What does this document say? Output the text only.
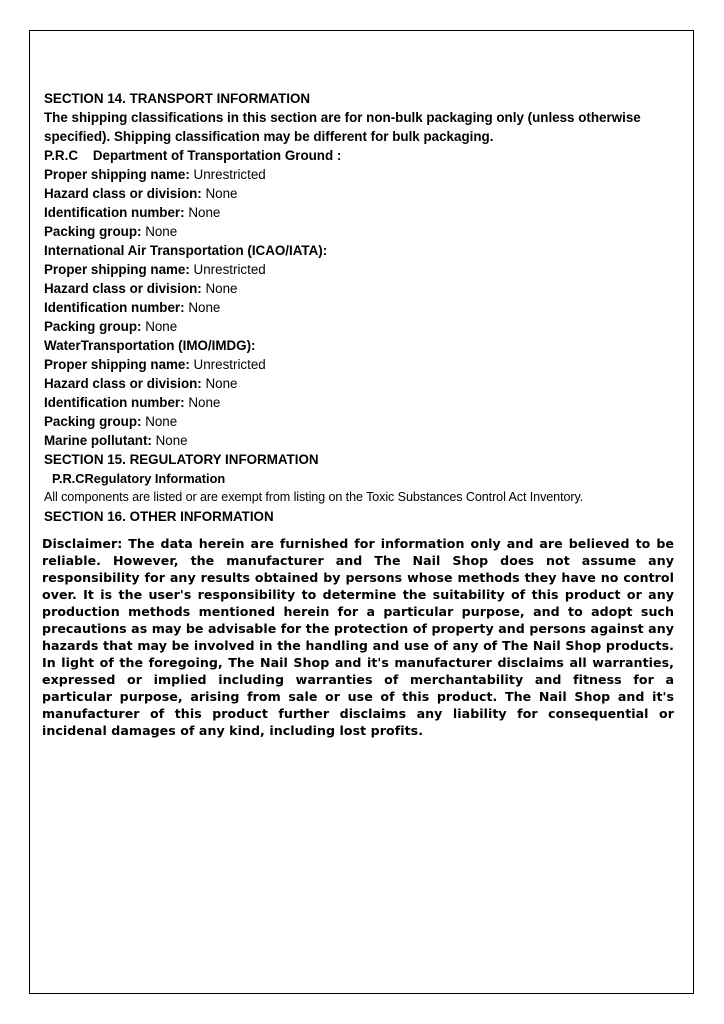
SECTION 14. TRANSPORT INFORMATION
The shipping classifications in this section are for non-bulk packaging only (unless otherwise specified). Shipping classification may be different for bulk packaging.
P.R.C    Department of Transportation Ground :
Proper shipping name: Unrestricted
Hazard class or division: None
Identification number: None
Packing group: None
International Air Transportation (ICAO/IATA):
Proper shipping name: Unrestricted
Hazard class or division: None
Identification number: None
Packing group: None
WaterTransportation (IMO/IMDG):
Proper shipping name: Unrestricted
Hazard class or division: None
Identification number: None
Packing group: None
Marine pollutant: None
SECTION 15. REGULATORY INFORMATION
P.R.CRegulatory Information
All components are listed or are exempt from listing on the Toxic Substances Control Act Inventory.
SECTION 16. OTHER INFORMATION
Disclaimer: The data herein are furnished for information only and are believed to be reliable. However, the manufacturer and The Nail Shop does not assume any responsibility for any results obtained by persons whose methods they have no control over. It is the user's responsibility to determine the suitability of this product or any production methods mentioned herein for a particular purpose, and to adopt such precautions as may be advisable for the protection of property and persons against any hazards that may be involved in the handling and use of any of The Nail Shop products. In light of the foregoing, The Nail Shop and it's manufacturer disclaims all warranties, expressed or implied including warranties of merchantability and fitness for a particular purpose, arising from sale or use of this product. The Nail Shop and it's manufacturer of this product further disclaims any liability for consequential or incidenal damages of any kind, including lost profits.
